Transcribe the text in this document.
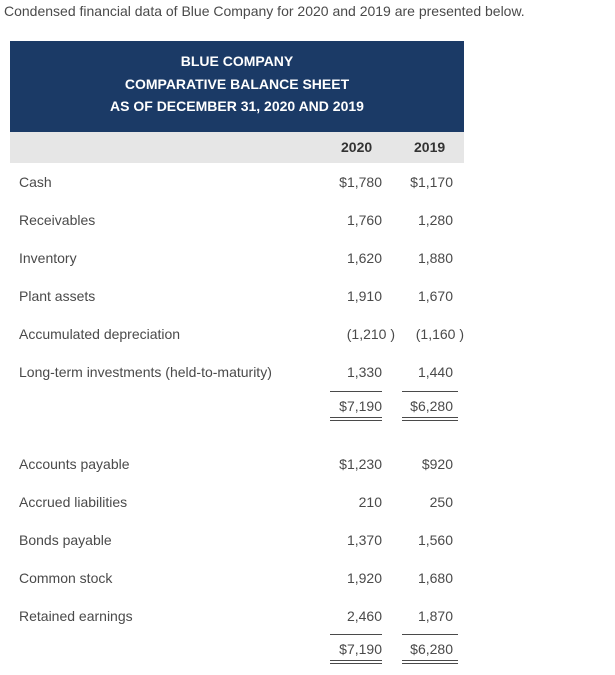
Condensed financial data of Blue Company for 2020 and 2019 are presented below.
BLUE COMPANY
COMPARATIVE BALANCE SHEET
AS OF DECEMBER 31, 2020 AND 2019
2020	2019
Cash	$1,780 $1,170
Receivables	1,760	1,280
Inventory	1,620	1,880
Plant assets	1,910	1,670
Accumulated depreciation	(1,210 ) (1,160 )
Long-term investments (held-to-maturity)	1,330	1,440
$7,190 $6,280
Accounts payable	$1,230	$920
Accrued liabilities	210	250
Bonds payable	1,370	1,560
Common stock	1,920	1,680
Retained earnings	2,460	1,870
$7,190 $6,280
